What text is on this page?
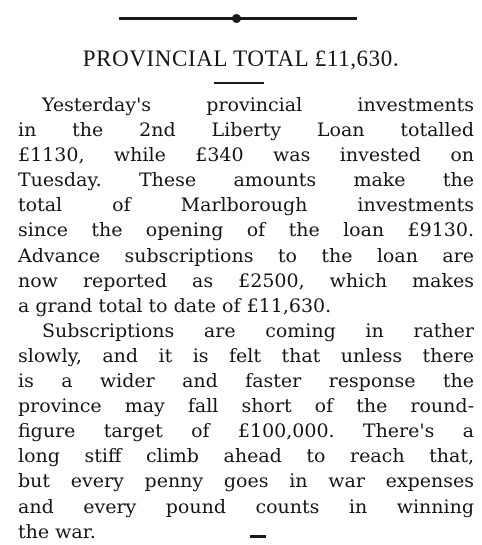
PROVINCIAL TOTAL £11,630.
Yesterday's provincial investments
in the 2nd Liberty Loan totalled
£1130, while £340 was invested on
Tuesday. These amounts make the
total of Marlborough investments
since the opening of the loan £9130.
Advance subscriptions to the loan are
now reported as £2500, which makes
a grand total to date of £11,630.
Subscriptions are coming in rather
slowly, and it is felt that unless there
is a wider and faster response the
province may fall short of the round-
figure target of £100,000. There's a
long stiff climb ahead to reach that,
but every penny goes in war expenses
and every pound counts in winning
the war.
